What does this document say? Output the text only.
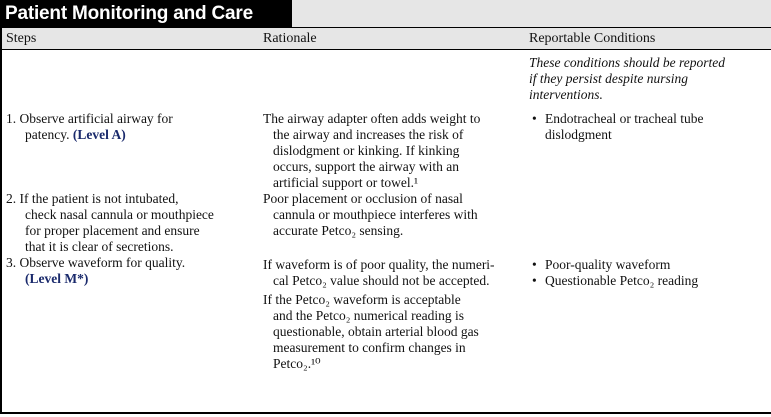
Patient Monitoring and Care
Steps	Rationale	Reportable Conditions
These conditions should be reported
if they persist despite nursing
interventions.
1. Observe artificial airway for
patency. (Level A)
The airway adapter often adds weight to
the airway and increases the risk of
dislodgment or kinking. If kinking
occurs, support the airway with an
artificial support or towel.¹
• Endotracheal or tracheal tube
dislodgment
2. If the patient is not intubated,
check nasal cannula or mouthpiece
for proper placement and ensure
that it is clear of secretions.
Poor placement or occlusion of nasal
cannula or mouthpiece interferes with
accurate Petco₂ sensing.
3. Observe waveform for quality.
(Level M*)
If waveform is of poor quality, the numeri-
cal Petco₂ value should not be accepted.
If the Petco₂ waveform is acceptable
and the Petco₂ numerical reading is
questionable, obtain arterial blood gas
measurement to confirm changes in
Petco₂.¹⁰
• Poor-quality waveform
• Questionable Petco₂ reading
